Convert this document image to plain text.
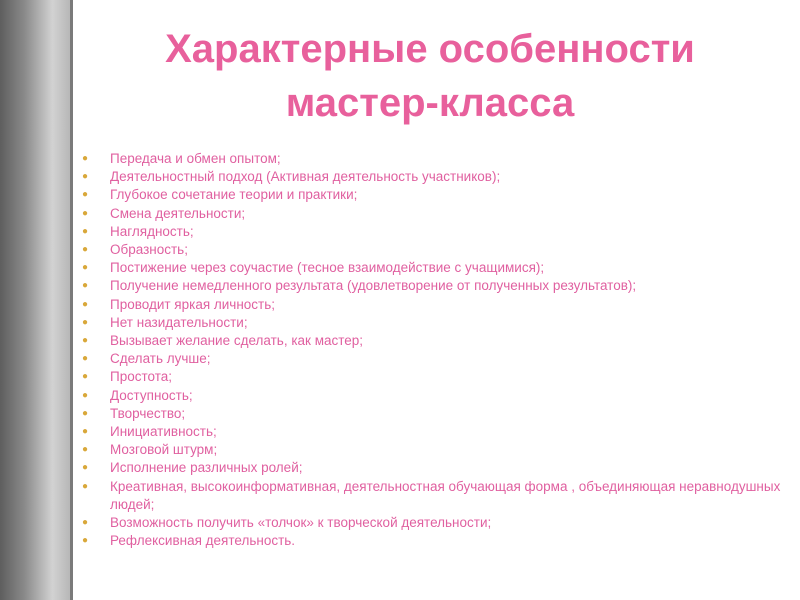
Характерные особенности
мастер-класса
● Передача и обмен опытом;
● Деятельностный подход (Активная деятельность участников);
● Глубокое сочетание теории и практики;
● Смена деятельности;
● Наглядность;
● Образность;
● Постижение через соучастие (тесное взаимодействие с учащимися);
● Получение немедленного результата (удовлетворение от полученных результатов);
● Проводит яркая личность;
● Нет назидательности;
● Вызывает желание сделать, как мастер;
● Сделать лучше;
● Простота;
● Доступность;
● Творчество;
● Инициативность;
● Мозговой штурм;
● Исполнение различных ролей;
● Креативная, высокоинформативная, деятельностная обучающая форма , объединяющая неравнодушных людей;
● Возможность получить «толчок» к творческой деятельности;
● Рефлексивная деятельность.
